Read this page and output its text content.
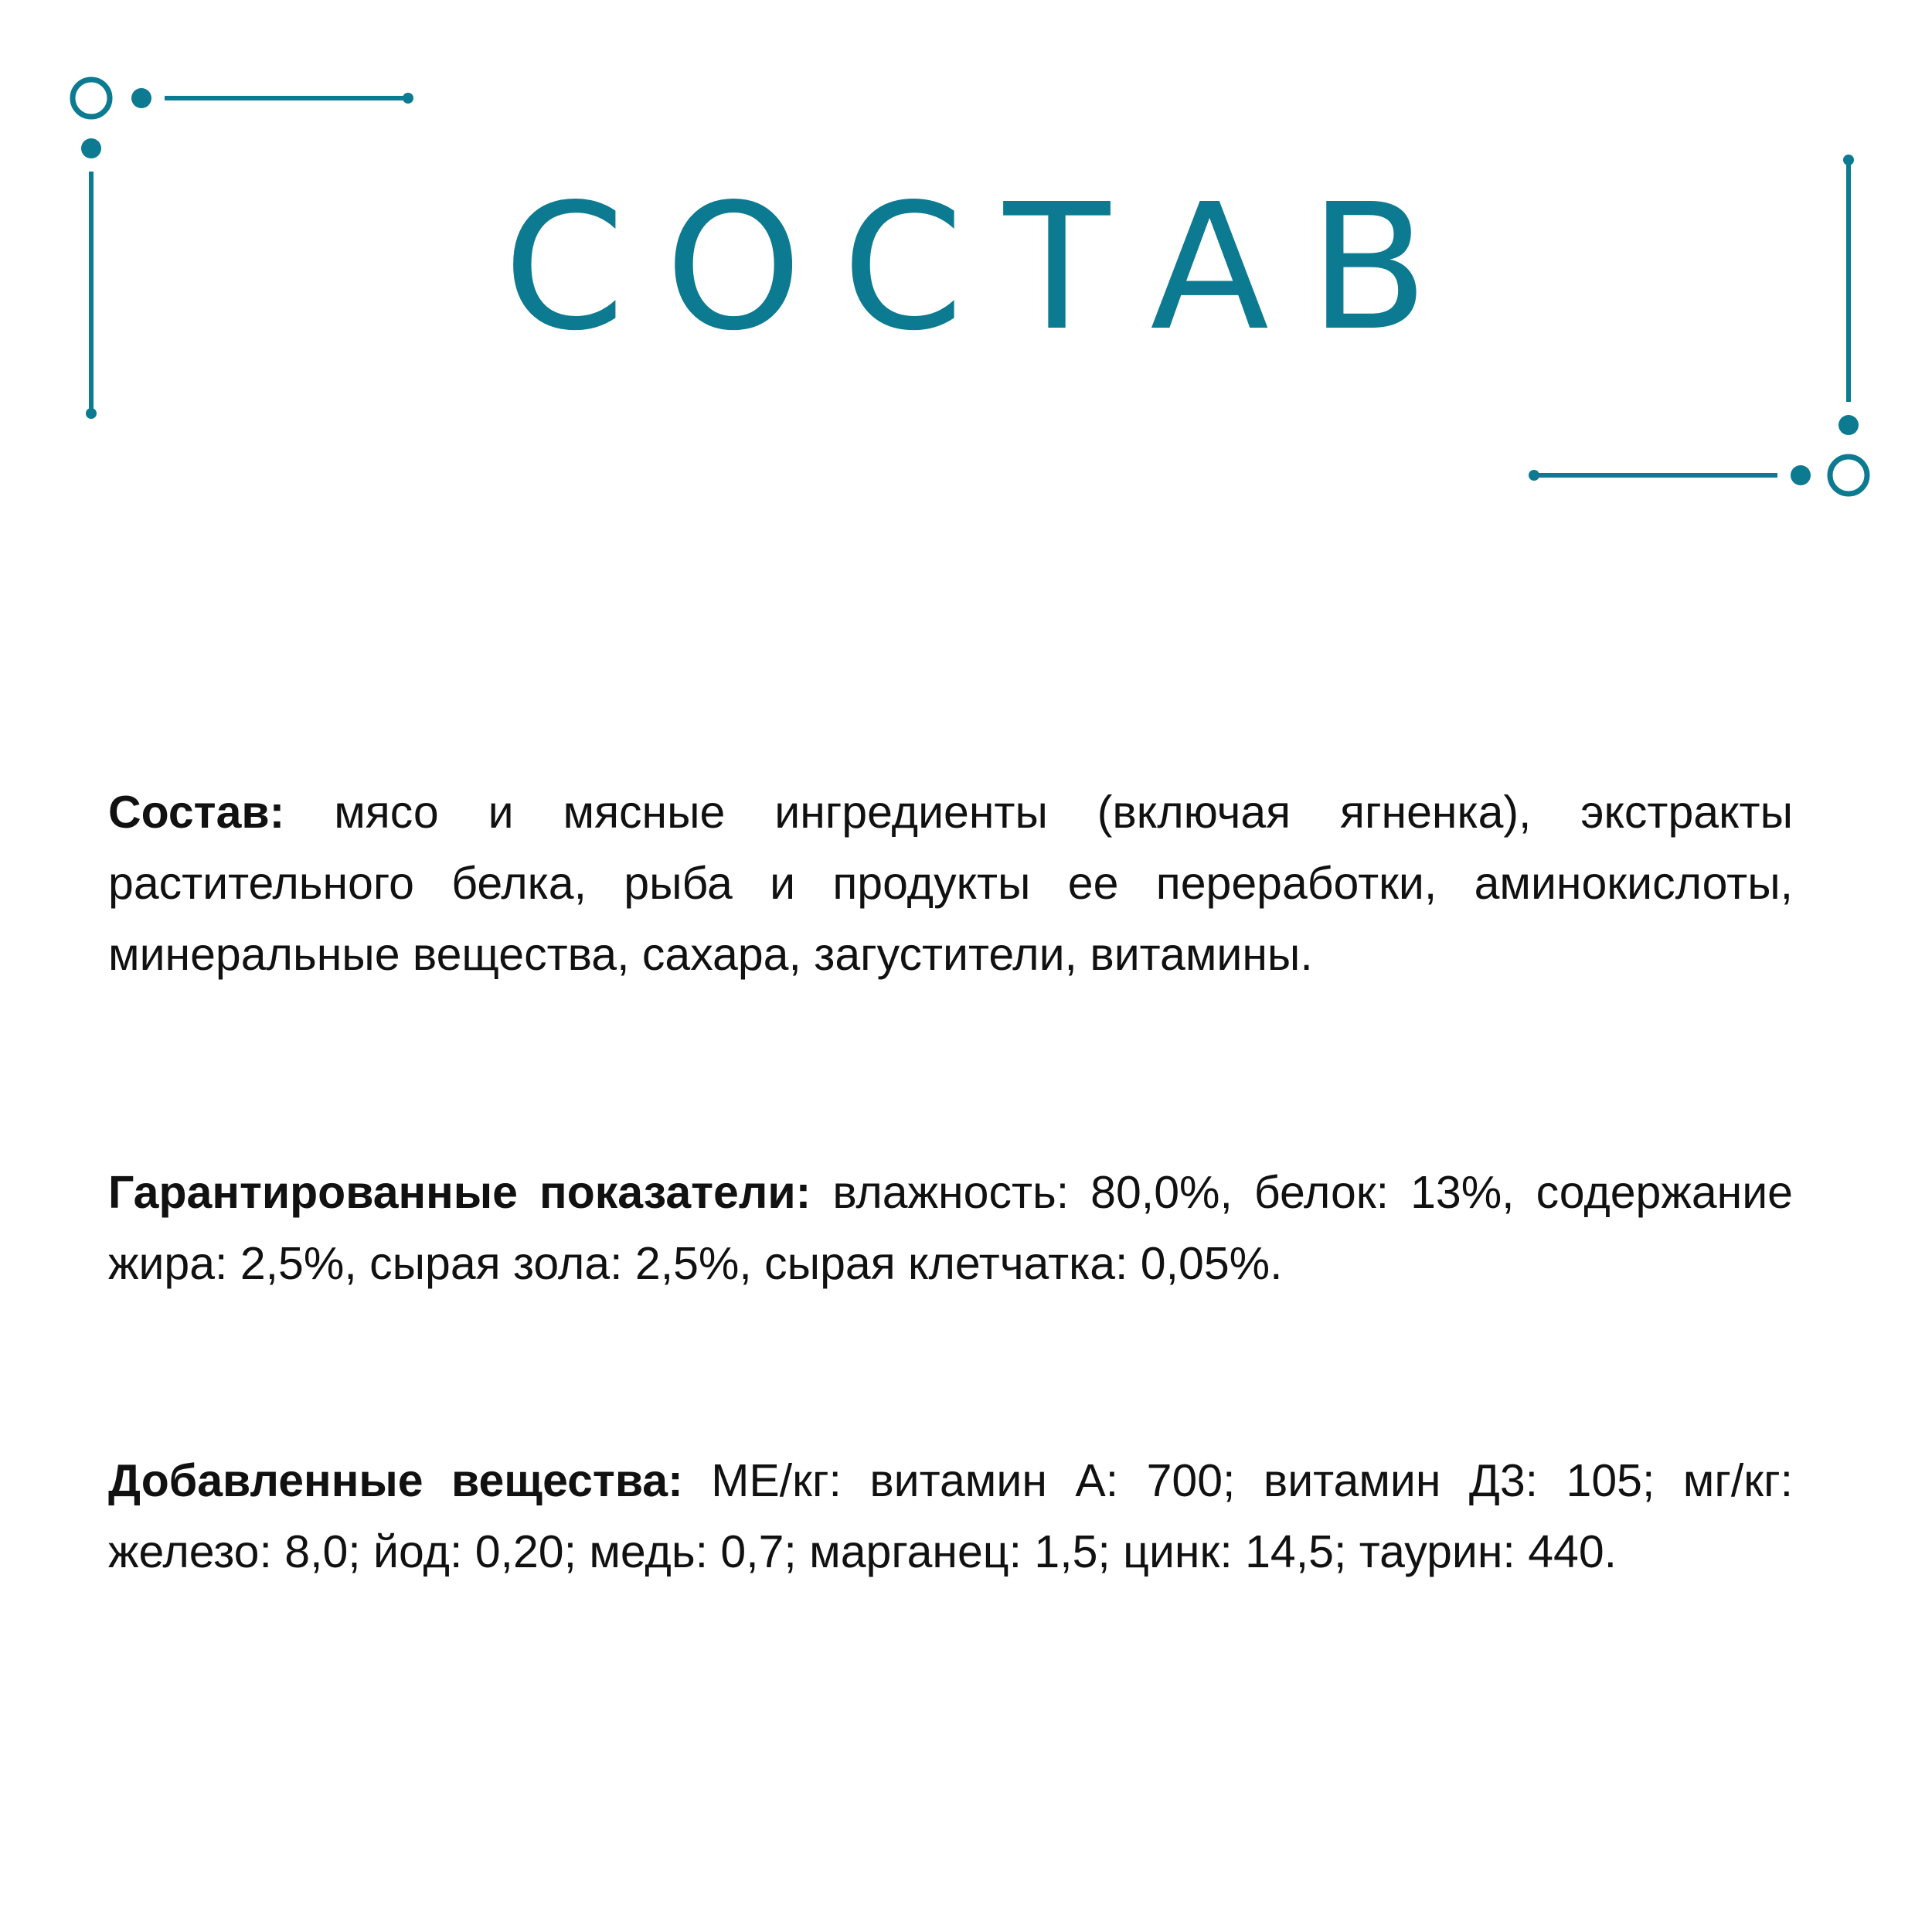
СОСТАВ

Состав: мясо и мясные ингредиенты (включая ягненка), экстракты растительного белка, рыба и продукты ее переработки, аминокислоты, минеральные вещества, сахара, загустители, витамины.

Гарантированные показатели: влажность: 80,0%, белок: 13%, содержание жира: 2,5%, сырая зола: 2,5%, сырая клетчатка: 0,05%.

Добавленные вещества: МЕ/кг: витамин А: 700; витамин Д3: 105; мг/кг: железо: 8,0; йод: 0,20; медь: 0,7; марганец: 1,5; цинк: 14,5; таурин: 440.
